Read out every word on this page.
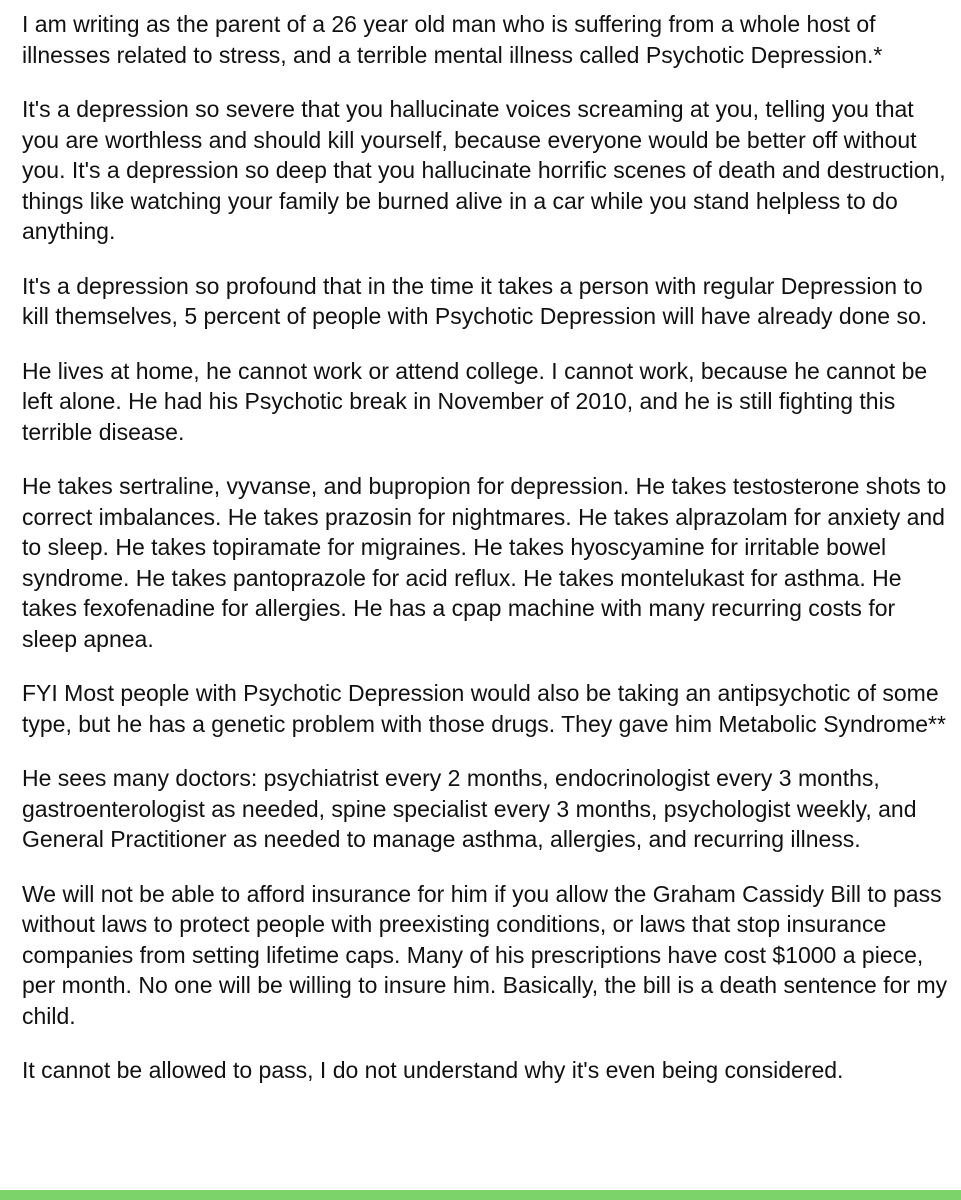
I am writing as the parent of a 26 year old man who is suffering from a whole host of illnesses related to stress, and a terrible mental illness called Psychotic Depression.*

It's a depression so severe that you hallucinate voices screaming at you, telling you that you are worthless and should kill yourself, because everyone would be better off without you. It's a depression so deep that you hallucinate horrific scenes of death and destruction, things like watching your family be burned alive in a car while you stand helpless to do anything.

It's a depression so profound that in the time it takes a person with regular Depression to kill themselves, 5 percent of people with Psychotic Depression will have already done so.

He lives at home, he cannot work or attend college. I cannot work, because he cannot be left alone. He had his Psychotic break in November of 2010, and he is still fighting this terrible disease.

He takes sertraline, vyvanse, and bupropion for depression. He takes testosterone shots to correct imbalances. He takes prazosin for nightmares. He takes alprazolam for anxiety and to sleep. He takes topiramate for migraines. He takes hyoscyamine for irritable bowel syndrome. He takes pantoprazole for acid reflux. He takes montelukast for asthma. He takes fexofenadine for allergies. He has a cpap machine with many recurring costs for sleep apnea.

FYI Most people with Psychotic Depression would also be taking an antipsychotic of some type, but he has a genetic problem with those drugs. They gave him Metabolic Syndrome**

He sees many doctors: psychiatrist every 2 months, endocrinologist every 3 months, gastroenterologist as needed, spine specialist every 3 months, psychologist weekly, and General Practitioner as needed to manage asthma, allergies, and recurring illness.

We will not be able to afford insurance for him if you allow the Graham Cassidy Bill to pass without laws to protect people with preexisting conditions, or laws that stop insurance companies from setting lifetime caps. Many of his prescriptions have cost $1000 a piece, per month. No one will be willing to insure him. Basically, the bill is a death sentence for my child.

It cannot be allowed to pass, I do not understand why it's even being considered.
